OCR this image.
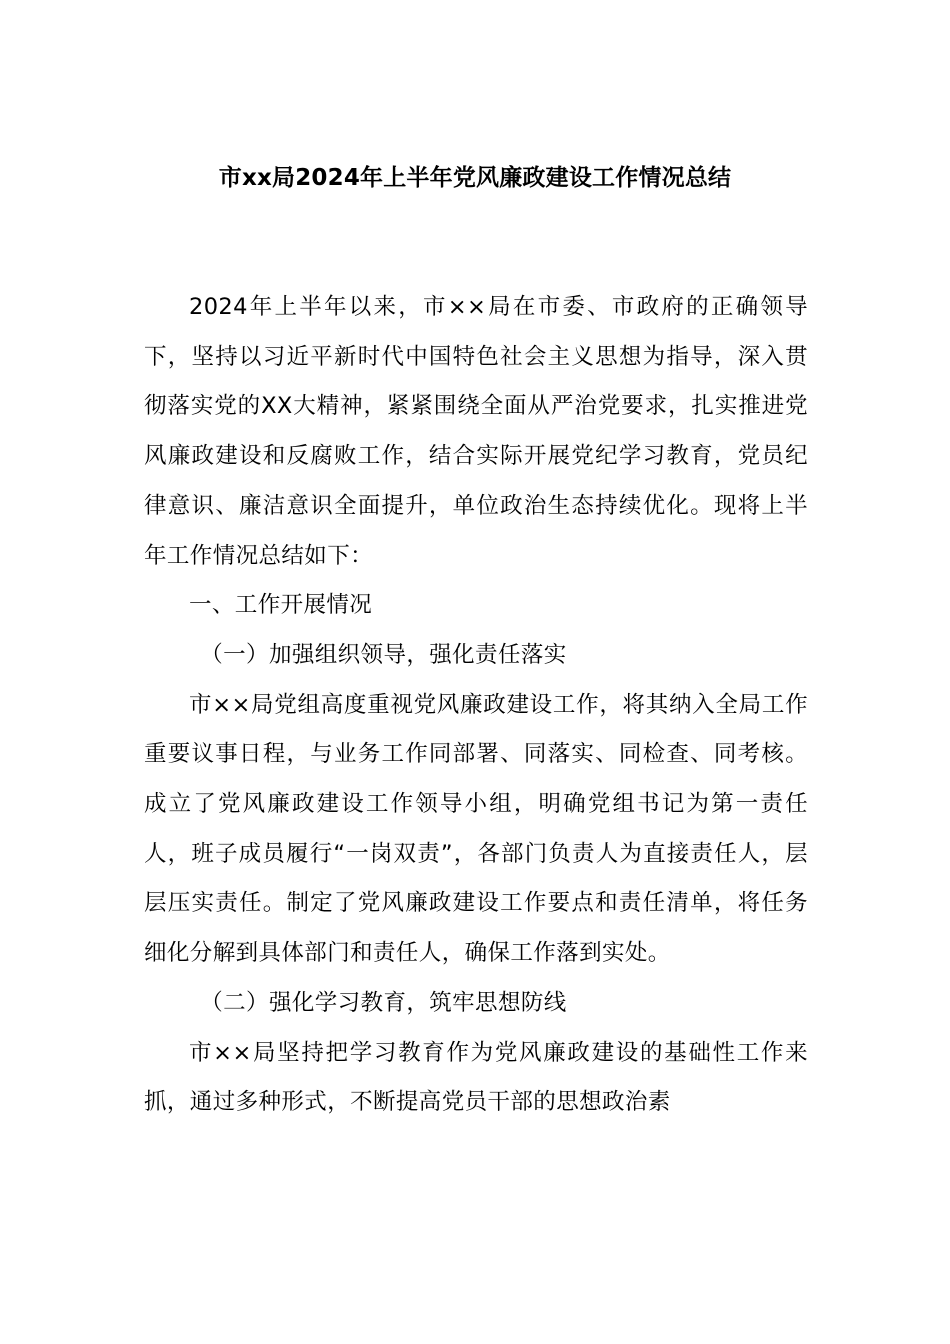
市xx局2024年上半年党风廉政建设工作情况总结

2024年上半年以来，市××局在市委、市政府的正确领导下，坚持以习近平新时代中国特色社会主义思想为指导，深入贯彻落实党的XX大精神，紧紧围绕全面从严治党要求，扎实推进党风廉政建设和反腐败工作，结合实际开展党纪学习教育，党员纪律意识、廉洁意识全面提升，单位政治生态持续优化。现将上半年工作情况总结如下：

一、工作开展情况

（一）加强组织领导，强化责任落实

市××局党组高度重视党风廉政建设工作，将其纳入全局工作重要议事日程，与业务工作同部署、同落实、同检查、同考核。成立了党风廉政建设工作领导小组，明确党组书记为第一责任人，班子成员履行“一岗双责”，各部门负责人为直接责任人，层层压实责任。制定了党风廉政建设工作要点和责任清单，将任务细化分解到具体部门和责任人，确保工作落到实处。

（二）强化学习教育，筑牢思想防线

市××局坚持把学习教育作为党风廉政建设的基础性工作来抓，通过多种形式，不断提高党员干部的思想政治素
